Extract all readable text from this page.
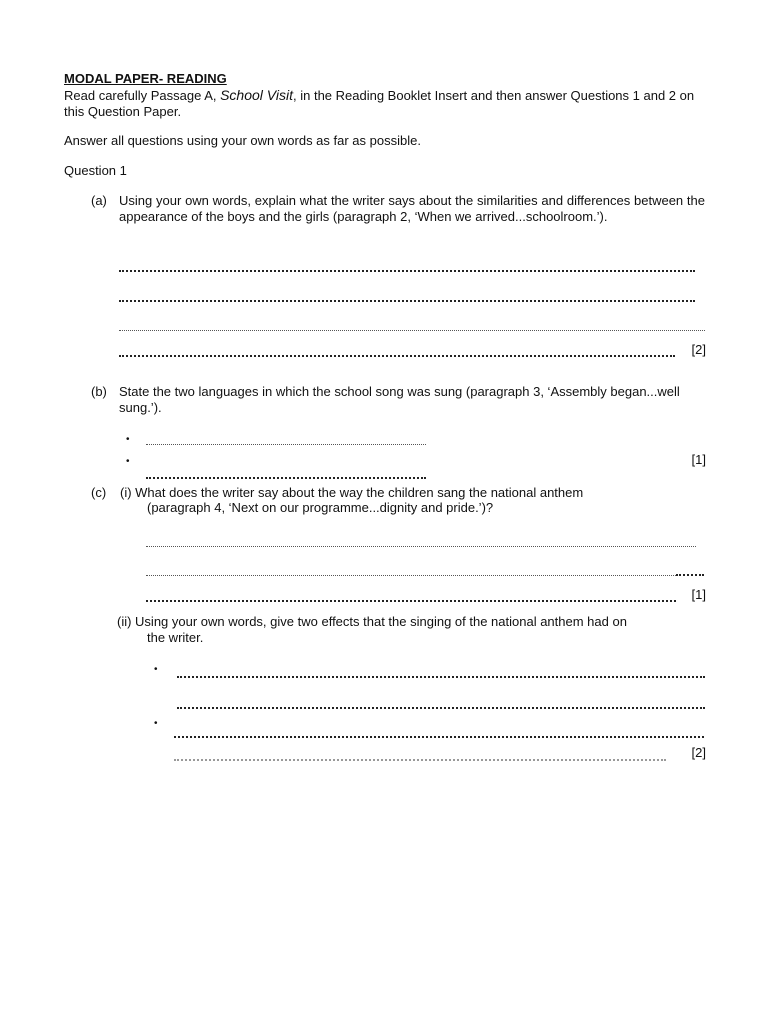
MODAL PAPER- READING
Read carefully Passage A, School Visit, in the Reading Booklet Insert and then answer Questions 1 and 2 on this Question Paper.
Answer all questions using your own words as far as possible.
Question 1
(a) Using your own words, explain what the writer says about the similarities and differences between the appearance of the boys and the girls (paragraph 2, ‘When we arrived...schoolroom.’).
[2]
(b) State the two languages in which the school song was sung (paragraph 3, ‘Assembly began...well sung.’).
•
•	[1]
(c)	(i) What does the writer say about the way the children sang the national anthem
(paragraph 4, ‘Next on our programme...dignity and pride.’)?
[1]
(ii) Using your own words, give two effects that the singing of the national anthem had on
the writer.
•
•
[2]
